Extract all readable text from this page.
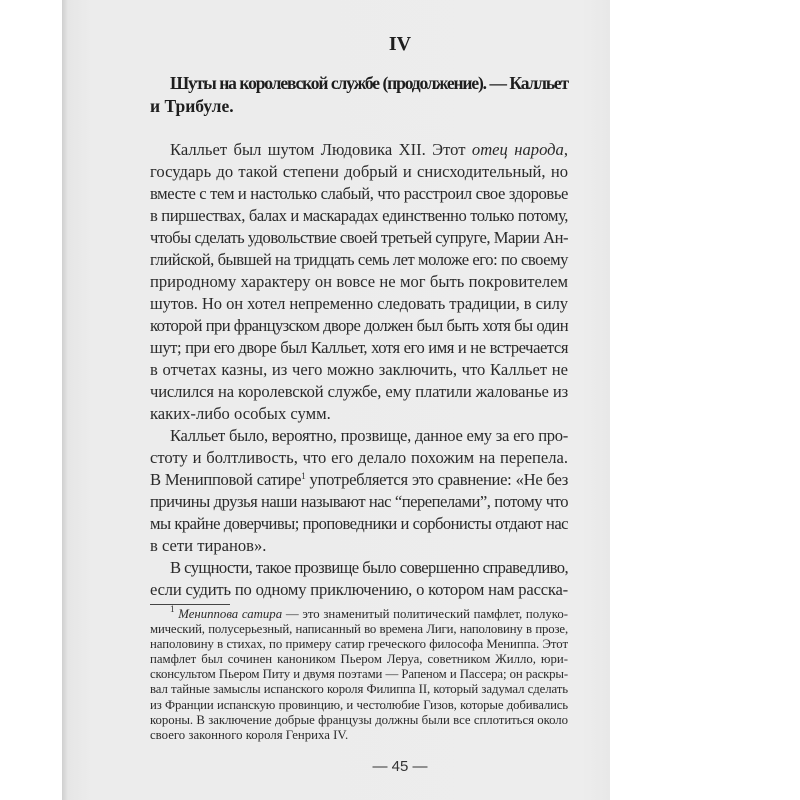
IV
Шуты на королевской службе (продолжение). — Калльет
и Трибуле.
Калльет был шутом Людовика XII. Этот отец народа,
государь до такой степени добрый и снисходительный, но
вместе с тем и настолько слабый, что расстроил свое здоровье
в пиршествах, балах и маскарадах единственно только потому,
чтобы сделать удовольствие своей третьей супруге, Марии Ан-
глийской, бывшей на тридцать семь лет моложе его: по своему
природному характеру он вовсе не мог быть покровителем
шутов. Но он хотел непременно следовать традиции, в силу
которой при французском дворе должен был быть хотя бы один
шут; при его дворе был Калльет, хотя его имя и не встречается
в отчетах казны, из чего можно заключить, что Калльет не
числился на королевской службе, ему платили жалованье из
каких-либо особых сумм.
Калльет было, вероятно, прозвище, данное ему за его про-
стоту и болтливость, что его делало похожим на перепела.
В Менипповой сатире$^1$ употребляется это сравнение: «Не без
причины друзья наши называют нас “перепелами”, потому что
мы крайне доверчивы; проповедники и сорбонисты отдают нас
в сети тиранов».
В сущности, такое прозвище было совершенно справедливо,
если судить по одному приключению, о котором нам расска-
$^1$ Мениппова сатира — это знаменитый политический памфлет, полуко-
мический, полусерьезный, написанный во времена Лиги, наполовину в прозе,
наполовину в стихах, по примеру сатир греческого философа Мениппа. Этот
памфлет был сочинен каноником Пьером Леруа, советником Жилло, юри-
сконсультом Пьером Питу и двумя поэтами — Рапеном и Пассера; он раскры-
вал тайные замыслы испанского короля Филиппа II, который задумал сделать
из Франции испанскую провинцию, и честолюбие Гизов, которые добивались
короны. В заключение добрые французы должны были все сплотиться около
своего законного короля Генриха IV.
— 45 —
